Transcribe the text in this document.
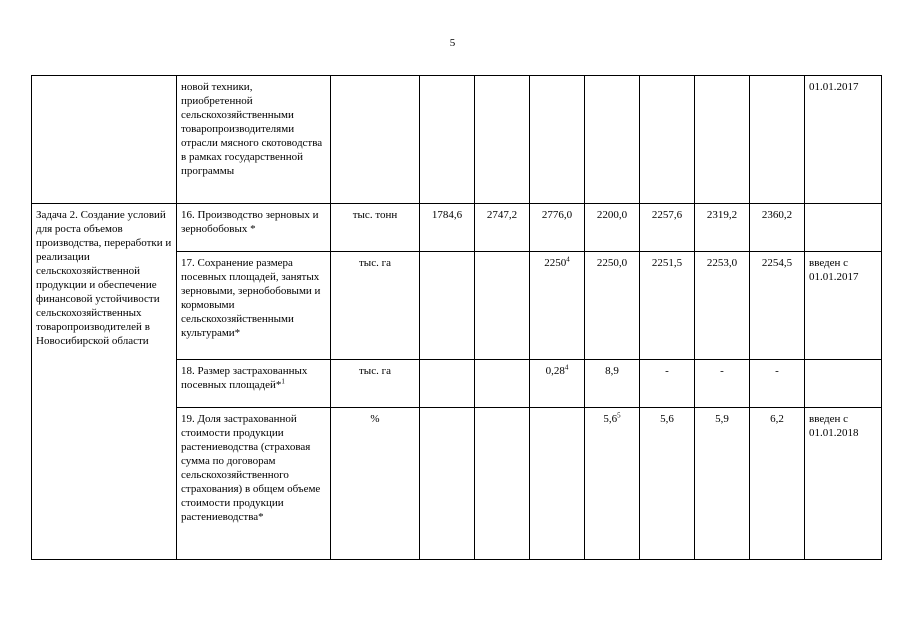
5
	новой техники, приобретенной сельскохозяйственными товаропроизводителями отрасли мясного скотоводства в рамках государственной программы									01.01.2017
Задача 2. Создание условий для роста объемов производства, переработки и реализации сельскохозяйственной продукции и обеспечение финансовой устойчивости сельскохозяйственных товаропроизводителей в Новосибирской области	16. Производство зерновых и зернобобовых *	тыс. тонн	1784,6	2747,2	2776,0	2200,0	2257,6	2319,2	2360,2	
	17. Сохранение размера посевных площадей, занятых зерновыми, зернобобовыми и кормовыми сельскохозяйственными культурами*	тыс. га			2250$^4$	2250,0	2251,5	2253,0	2254,5	введен с 01.01.2017
	18. Размер застрахованных посевных площадей*$^1$	тыс. га			0,28$^4$	8,9	-	-	-	
	19. Доля застрахованной стоимости продукции растениеводства (страховая сумма по договорам сельскохозяйственного страхования) в общем объеме стоимости продукции растениеводства*	%				$5,6^5$	5,6	5,9	6,2	введен с 01.01.2018
